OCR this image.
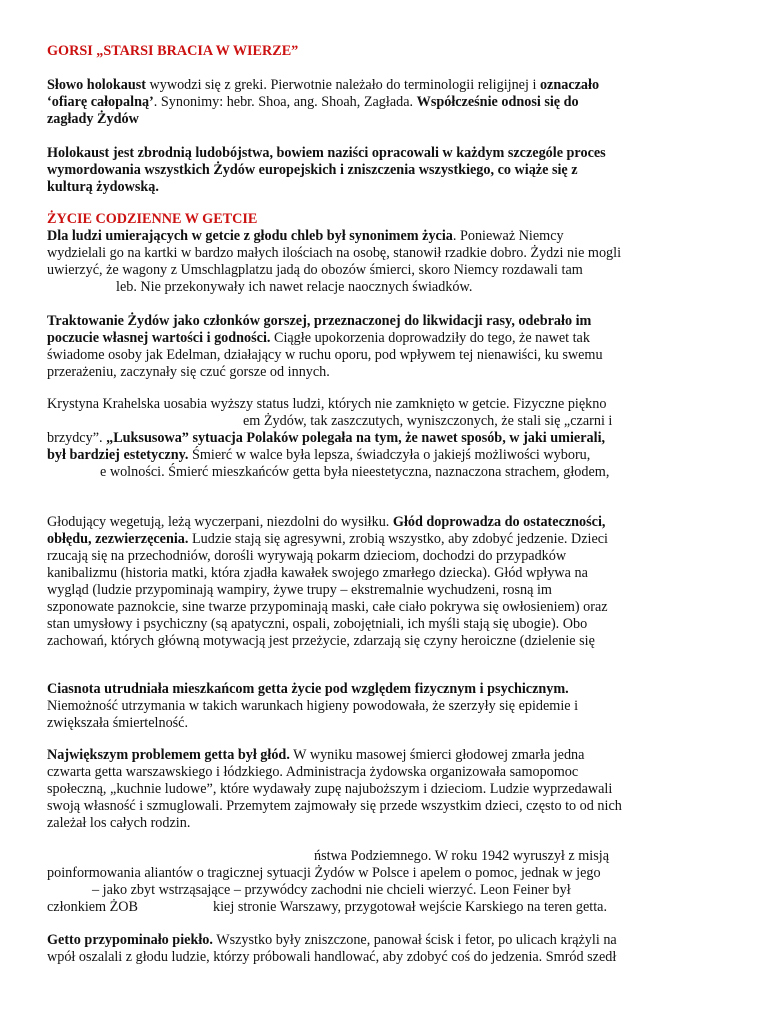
GORSI „STARSI BRACIA W WIERZE”
Słowo holokaust wywodzi się z greki. Pierwotnie należało do terminologii religijnej i oznaczało
‘ofiarę całopalną’. Synonimy: hebr. Shoa, ang. Shoah, Zagłada. Współcześnie odnosi się do
zagłady Żydów
Holokaust jest zbrodnią ludobójstwa, bowiem naziści opracowali w każdym szczególe proces
wymordowania wszystkich Żydów europejskich i zniszczenia wszystkiego, co wiąże się z
kulturą żydowską.
ŻYCIE CODZIENNE W GETCIE
Dla ludzi umierających w getcie z głodu chleb był synonimem życia. Ponieważ Niemcy
wydzielali go na kartki w bardzo małych ilościach na osobę, stanowił rzadkie dobro. Żydzi nie mogli
uwierzyć, że wagony z Umschlagplatzu jadą do obozów śmierci, skoro Niemcy rozdawali tam
leb. Nie przekonywały ich nawet relacje naocznych świadków.
Traktowanie Żydów jako członków gorszej, przeznaczonej do likwidacji rasy, odebrało im
poczucie własnej wartości i godności. Ciągłe upokorzenia doprowadziły do tego, że nawet tak
świadome osoby jak Edelman, działający w ruchu oporu, pod wpływem tej nienawiści, ku swemu
przerażeniu, zaczynały się czuć gorsze od innych.
Krystyna Krahelska uosabia wyższy status ludzi, których nie zamknięto w getcie. Fizyczne piękno
em Żydów, tak zaszczutych, wyniszczonych, że stali się „czarni i
brzydcy”. „Luksusowa” sytuacja Polaków polegała na tym, że nawet sposób, w jaki umierali,
był bardziej estetyczny. Śmierć w walce była lepsza, świadczyła o jakiejś możliwości wyboru,
e wolności. Śmierć mieszkańców getta była nieestetyczna, naznaczona strachem, głodem,
Głodujący wegetują, leżą wyczerpani, niezdolni do wysiłku. Głód doprowadza do ostateczności,
obłędu, zezwierzęcenia. Ludzie stają się agresywni, zrobią wszystko, aby zdobyć jedzenie. Dzieci
rzucają się na przechodniów, dorośli wyrywają pokarm dzieciom, dochodzi do przypadków
kanibalizmu (historia matki, która zjadła kawałek swojego zmarłego dziecka). Głód wpływa na
wygląd (ludzie przypominają wampiry, żywe trupy – ekstremalnie wychudzeni, rosną im
szponowate paznokcie, sine twarze przypominają maski, całe ciało pokrywa się owłosieniem) oraz
stan umysłowy i psychiczny (są apatyczni, ospali, zobojętniali, ich myśli stają się ubogie). Obo
zachowań, których główną motywacją jest przeżycie, zdarzają się czyny heroiczne (dzielenie się
Ciasnota utrudniała mieszkańcom getta życie pod względem fizycznym i psychicznym.
Niemożność utrzymania w takich warunkach higieny powodowała, że szerzyły się epidemie i
zwiększała śmiertelność.
Największym problemem getta był głód. W wyniku masowej śmierci głodowej zmarła jedna
czwarta getta warszawskiego i łódzkiego. Administracja żydowska organizowała samopomoc
społeczną, „kuchnie ludowe”, które wydawały zupę najuboższym i dzieciom. Ludzie wyprzedawali
swoją własność i szmuglowali. Przemytem zajmowały się przede wszystkim dzieci, często to od nich
zależał los całych rodzin.
ństwa Podziemnego. W roku 1942 wyruszył z misją
poinformowania aliantów o tragicznej sytuacji Żydów w Polsce i apelem o pomoc, jednak w jego
– jako zbyt wstrząsające – przywódcy zachodni nie chcieli wierzyć. Leon Feiner był
członkiem ŻOB	kiej stronie Warszawy, przygotował wejście Karskiego na teren getta.
Getto przypominało piekło. Wszystko były zniszczone, panował ścisk i fetor, po ulicach krążyli na
wpół oszalali z głodu ludzie, którzy próbowali handlować, aby zdobyć coś do jedzenia. Smród szedł
